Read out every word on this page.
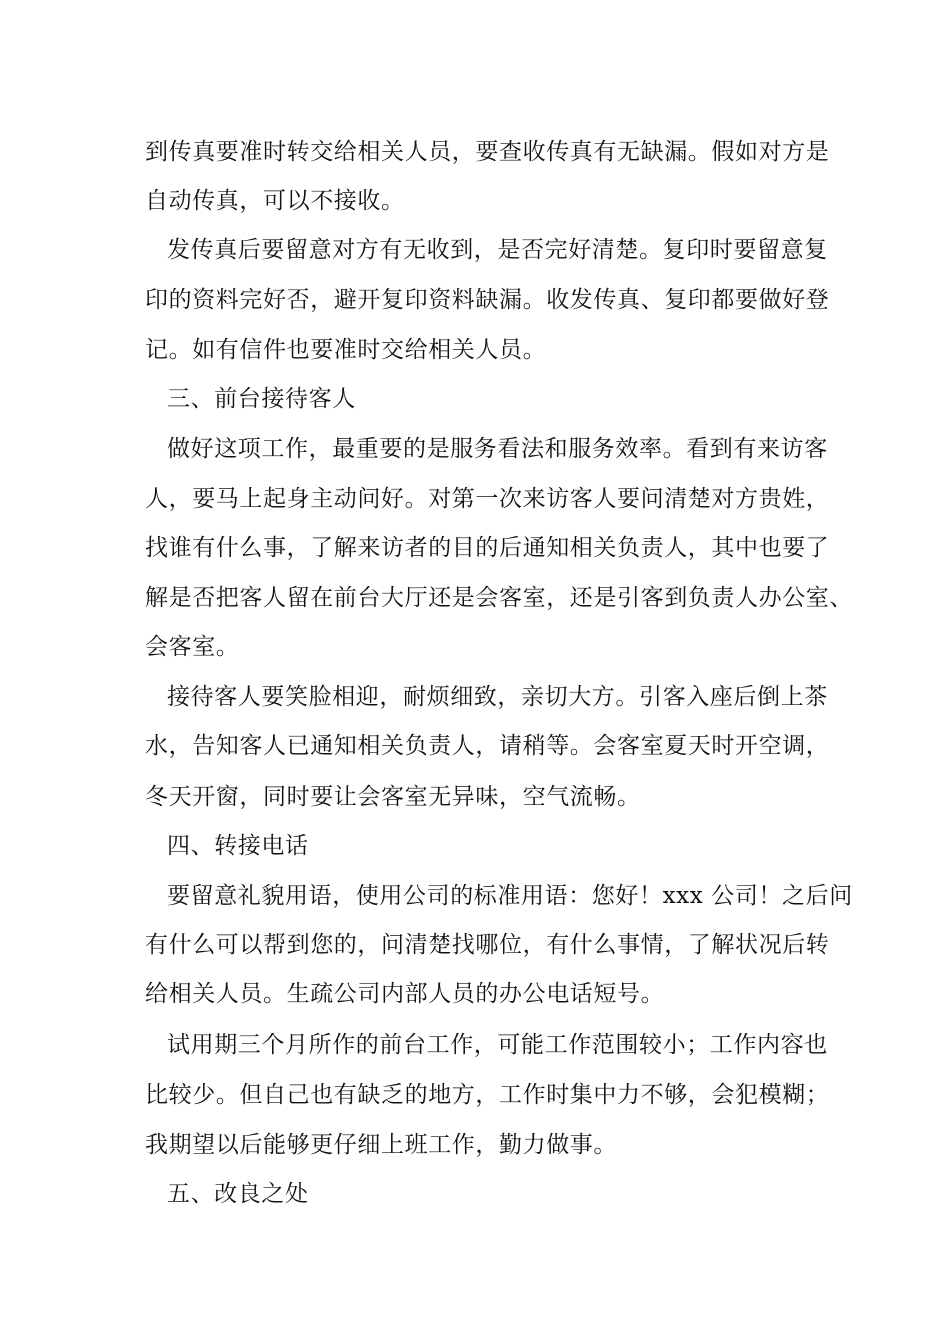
到传真要准时转交给相关人员，要查收传真有无缺漏。假如对方是
自动传真，可以不接收。
发传真后要留意对方有无收到，是否完好清楚。复印时要留意复
印的资料完好否，避开复印资料缺漏。收发传真、复印都要做好登
记。如有信件也要准时交给相关人员。
三、前台接待客人
做好这项工作，最重要的是服务看法和服务效率。看到有来访客
人，要马上起身主动问好。对第一次来访客人要问清楚对方贵姓，
找谁有什么事，了解来访者的目的后通知相关负责人，其中也要了
解是否把客人留在前台大厅还是会客室，还是引客到负责人办公室、
会客室。
接待客人要笑脸相迎，耐烦细致，亲切大方。引客入座后倒上茶
水，告知客人已通知相关负责人，请稍等。会客室夏天时开空调，
冬天开窗，同时要让会客室无异味，空气流畅。
四、转接电话
要留意礼貌用语，使用公司的标准用语：您好！xxx 公司！之后问
有什么可以帮到您的，问清楚找哪位，有什么事情，了解状况后转
给相关人员。生疏公司内部人员的办公电话短号。
试用期三个月所作的前台工作，可能工作范围较小；工作内容也
比较少。但自己也有缺乏的地方，工作时集中力不够，会犯模糊；
我期望以后能够更仔细上班工作，勤力做事。
五、改良之处
